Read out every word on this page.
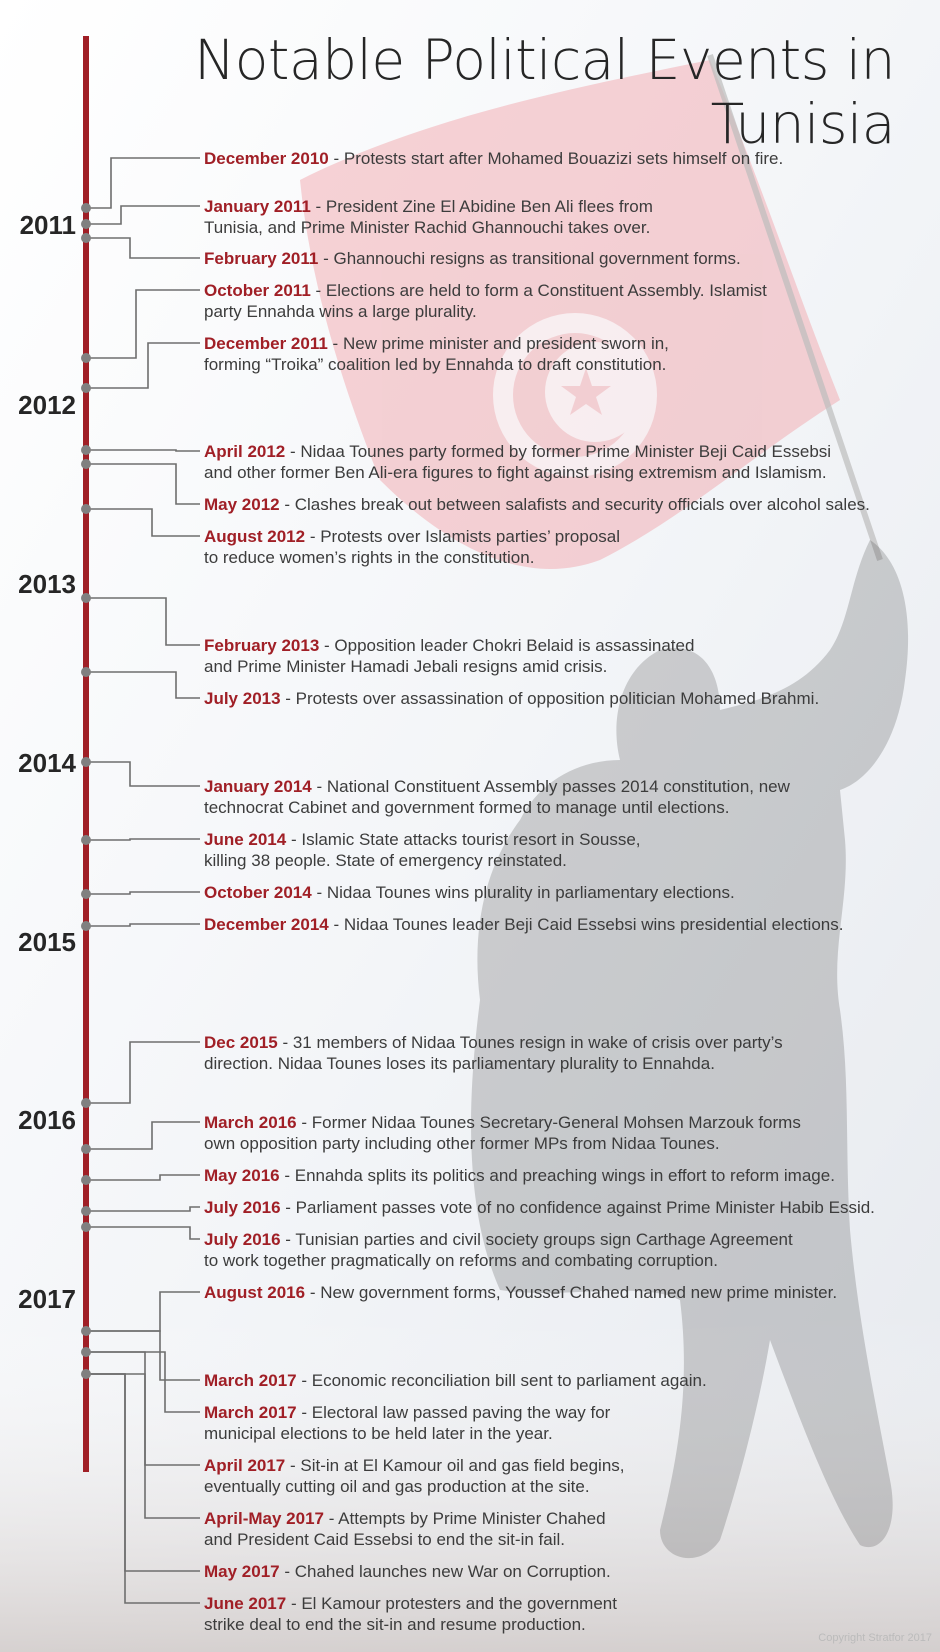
Notable Political Events in Tunisia
2011
2012
2013
2014
2015
2016
2017
December 2010 - Protests start after Mohamed Bouazizi sets himself on fire.
January 2011 - President Zine El Abidine Ben Ali flees from
Tunisia, and Prime Minister Rachid Ghannouchi takes over.
February 2011 - Ghannouchi resigns as transitional government forms.
October 2011 - Elections are held to form a Constituent Assembly. Islamist
party Ennahda wins a large plurality.
December 2011 - New prime minister and president sworn in,
forming “Troika” coalition led by Ennahda to draft constitution.
April 2012 - Nidaa Tounes party formed by former Prime Minister Beji Caid Essebsi
and other former Ben Ali-era figures to fight against rising extremism and Islamism.
May 2012 - Clashes break out between salafists and security officials over alcohol sales.
August 2012 - Protests over Islamists parties’ proposal
to reduce women’s rights in the constitution.
February 2013 - Opposition leader Chokri Belaid is assassinated
and Prime Minister Hamadi Jebali resigns amid crisis.
July 2013 - Protests over assassination of opposition politician Mohamed Brahmi.
January 2014 - National Constituent Assembly passes 2014 constitution, new
technocrat Cabinet and government formed to manage until elections.
June 2014 - Islamic State attacks tourist resort in Sousse,
killing 38 people. State of emergency reinstated.
October 2014 - Nidaa Tounes wins plurality in parliamentary elections.
December 2014 - Nidaa Tounes leader Beji Caid Essebsi wins presidential elections.
Dec 2015 - 31 members of Nidaa Tounes resign in wake of crisis over party’s
direction. Nidaa Tounes loses its parliamentary plurality to Ennahda.
March 2016 - Former Nidaa Tounes Secretary-General Mohsen Marzouk forms
own opposition party including other former MPs from Nidaa Tounes.
May 2016 - Ennahda splits its politics and preaching wings in effort to reform image.
July 2016 - Parliament passes vote of no confidence against Prime Minister Habib Essid.
July 2016 - Tunisian parties and civil society groups sign Carthage Agreement
to work together pragmatically on reforms and combating corruption.
August 2016 - New government forms, Youssef Chahed named new prime minister.
March 2017 - Economic reconciliation bill sent to parliament again.
March 2017 - Electoral law passed paving the way for
municipal elections to be held later in the year.
April 2017 - Sit-in at El Kamour oil and gas field begins,
eventually cutting oil and gas production at the site.
April-May 2017 - Attempts by Prime Minister Chahed
and President Caid Essebsi to end the sit-in fail.
May 2017 - Chahed launches new War on Corruption.
June 2017 - El Kamour protesters and the government
strike deal to end the sit-in and resume production.
Copyright Stratfor 2017
